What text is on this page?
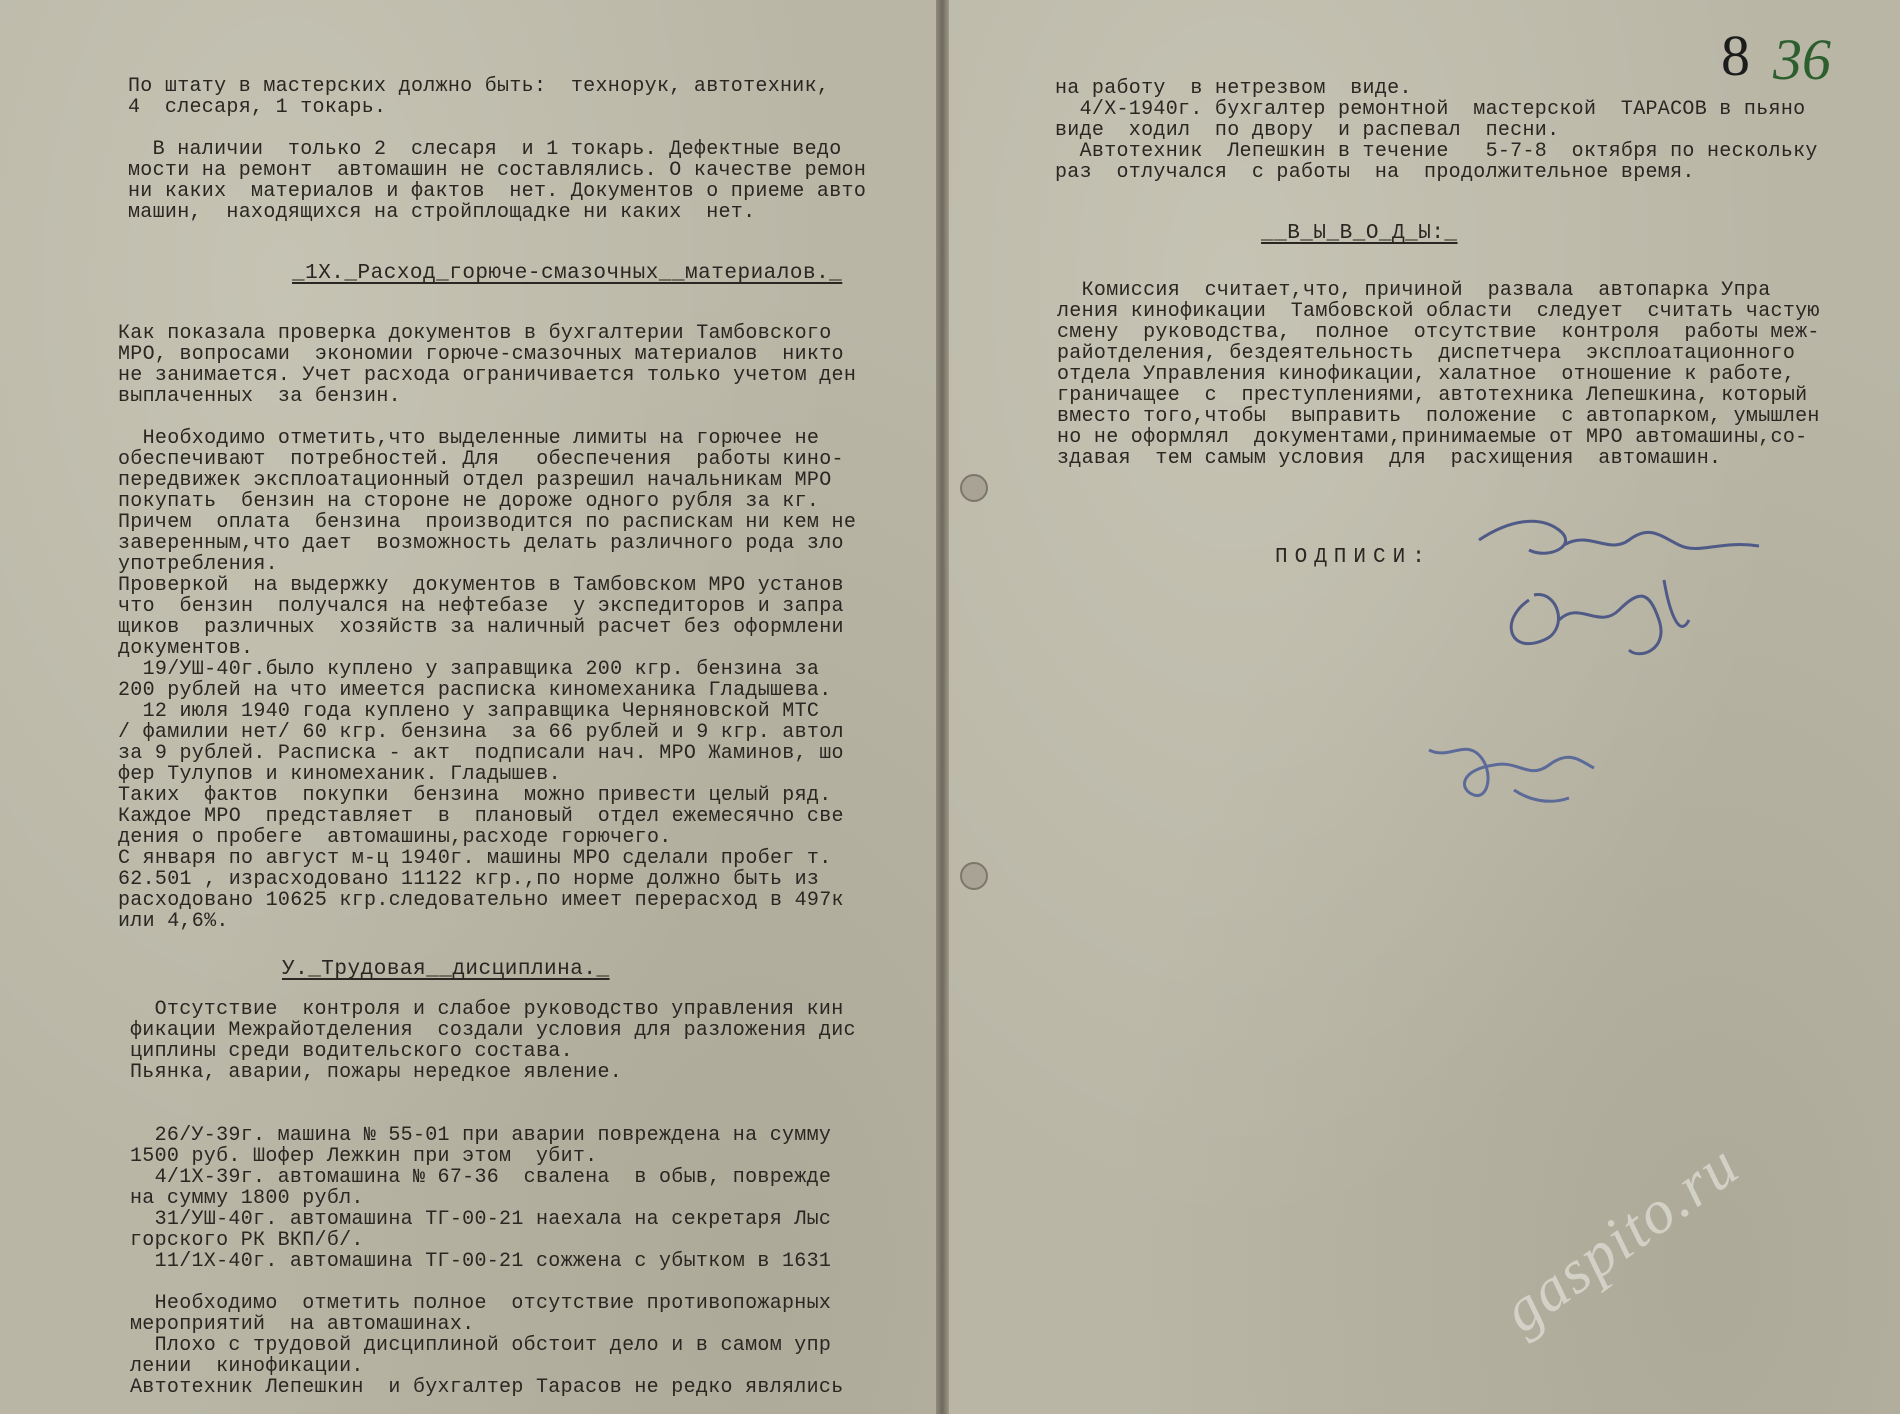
По штату в мастерских должно быть:  технорук, автотехник,
4  слесаря, 1 токарь.

В наличии  только 2  слесаря  и 1 токарь. Дефектные ведо
мости на ремонт  автомашин не составлялись. О качестве ремон
ни каких  материалов и фактов  нет. Документов о приеме авто
машин,  находящихся на стройплощадке ни каких  нет.
_1Х._Расход_горюче-смазочных__материалов._
Как показала проверка документов в бухгалтерии Тамбовского
МРО, вопросами  экономии горюче-смазочных материалов  никто
не занимается. Учет расхода ограничивается только учетом ден
выплаченных  за бензин.

Необходимо отметить,что выделенные лимиты на горючее не
обеспечивают  потребностей. Для   обеспечения  работы кино-
передвижек эксплоатационный отдел разрешил начальникам МРО
покупать  бензин на стороне не дороже одного рубля за кг.
Причем  оплата  бензина  производится по распискам ни кем не
заверенным,что дает  возможность делать различного рода зло
употребления.
Проверкой  на выдержку  документов в Тамбовском МРО установ
что  бензин  получался на нефтебазе  у экспедиторов и запра
щиков  различных  хозяйств за наличный расчет без оформлени
документов.
19/УШ-40г.было куплено у заправщика 200 кгр. бензина за
200 рублей на что имеется расписка киномеханика Гладышева.
12 июля 1940 года куплено у заправщика Черняновской МТС
/ фамилии нет/ 60 кгр. бензина  за 66 рублей и 9 кгр. автол
за 9 рублей. Расписка - акт  подписали нач. МРО Жаминов, шо
фер Тулупов и киномеханик. Гладышев.
Таких  фактов  покупки  бензина  можно привести целый ряд.
Каждое МРО  представляет  в  плановый  отдел ежемесячно све
дения о пробеге  автомашины,расходе горючего.
С января по август м-ц 1940г. машины МРО сделали пробег т.
62.501 , израсходовано 11122 кгр.,по норме должно быть из
расходовано 10625 кгр.следовательно имеет перерасход в 497к
или 4,6%.
У._Трудовая__дисциплина._
Отсутствие  контроля и слабое руководство управления кин
фикации Межрайотделения  создали условия для разложения дис
циплины среди водительского состава.
Пьянка, аварии, пожары нередкое явление.

26/У-39г. машина № 55-01 при аварии повреждена на сумму
1500 руб. Шофер Лежкин при этом  убит.
4/1Х-39г. автомашина № 67-36  свалена  в обыв, поврежде
на сумму 1800 рубл.
31/УШ-40г. автомашина ТГ-00-21 наехала на секретаря Лыс
горского РК ВКП/б/.
11/1Х-40г. автомашина ТГ-00-21 сожжена с убытком в 1631

Необходимо  отметить полное  отсутствие противопожарных
мероприятий  на автомашинах.
Плохо с трудовой дисциплиной обстоит дело и в самом упр
лении  кинофикации.
Автотехник Лепешкин  и бухгалтер Тарасов не редко являлись
8 36
на работу  в нетрезвом  виде.
4/Х-1940г. бухгалтер ремонтной  мастерской  ТАРАСОВ в пьяно
виде  ходил  по двору  и распевал  песни.
Автотехник  Лепешкин в течение   5-7-8  октября по нескольку
раз  отлучался  с работы  на  продолжительное время.
__В_Ы_В_О_Д_Ы:_
Комиссия  считает,что, причиной  развала  автопарка Упра
ления кинофикации  Тамбовской области  следует  считать частую
смену  руководства,  полное  отсутствие  контроля  работы меж-
райотделения, бездеятельность  диспетчера  эксплоатационного
отдела Управления кинофикации, халатное  отношение к работе,
граничащее  с  преступлениями, автотехника Лепешкина, который
вместо того,чтобы  выправить  положение  с автопарком, умышлен
но не оформлял  документами,принимаемые от МРО автомашины,со-
здавая  тем самым условия  для  расхищения  автомашин.
ПОДПИСИ:
gaspito.ru
